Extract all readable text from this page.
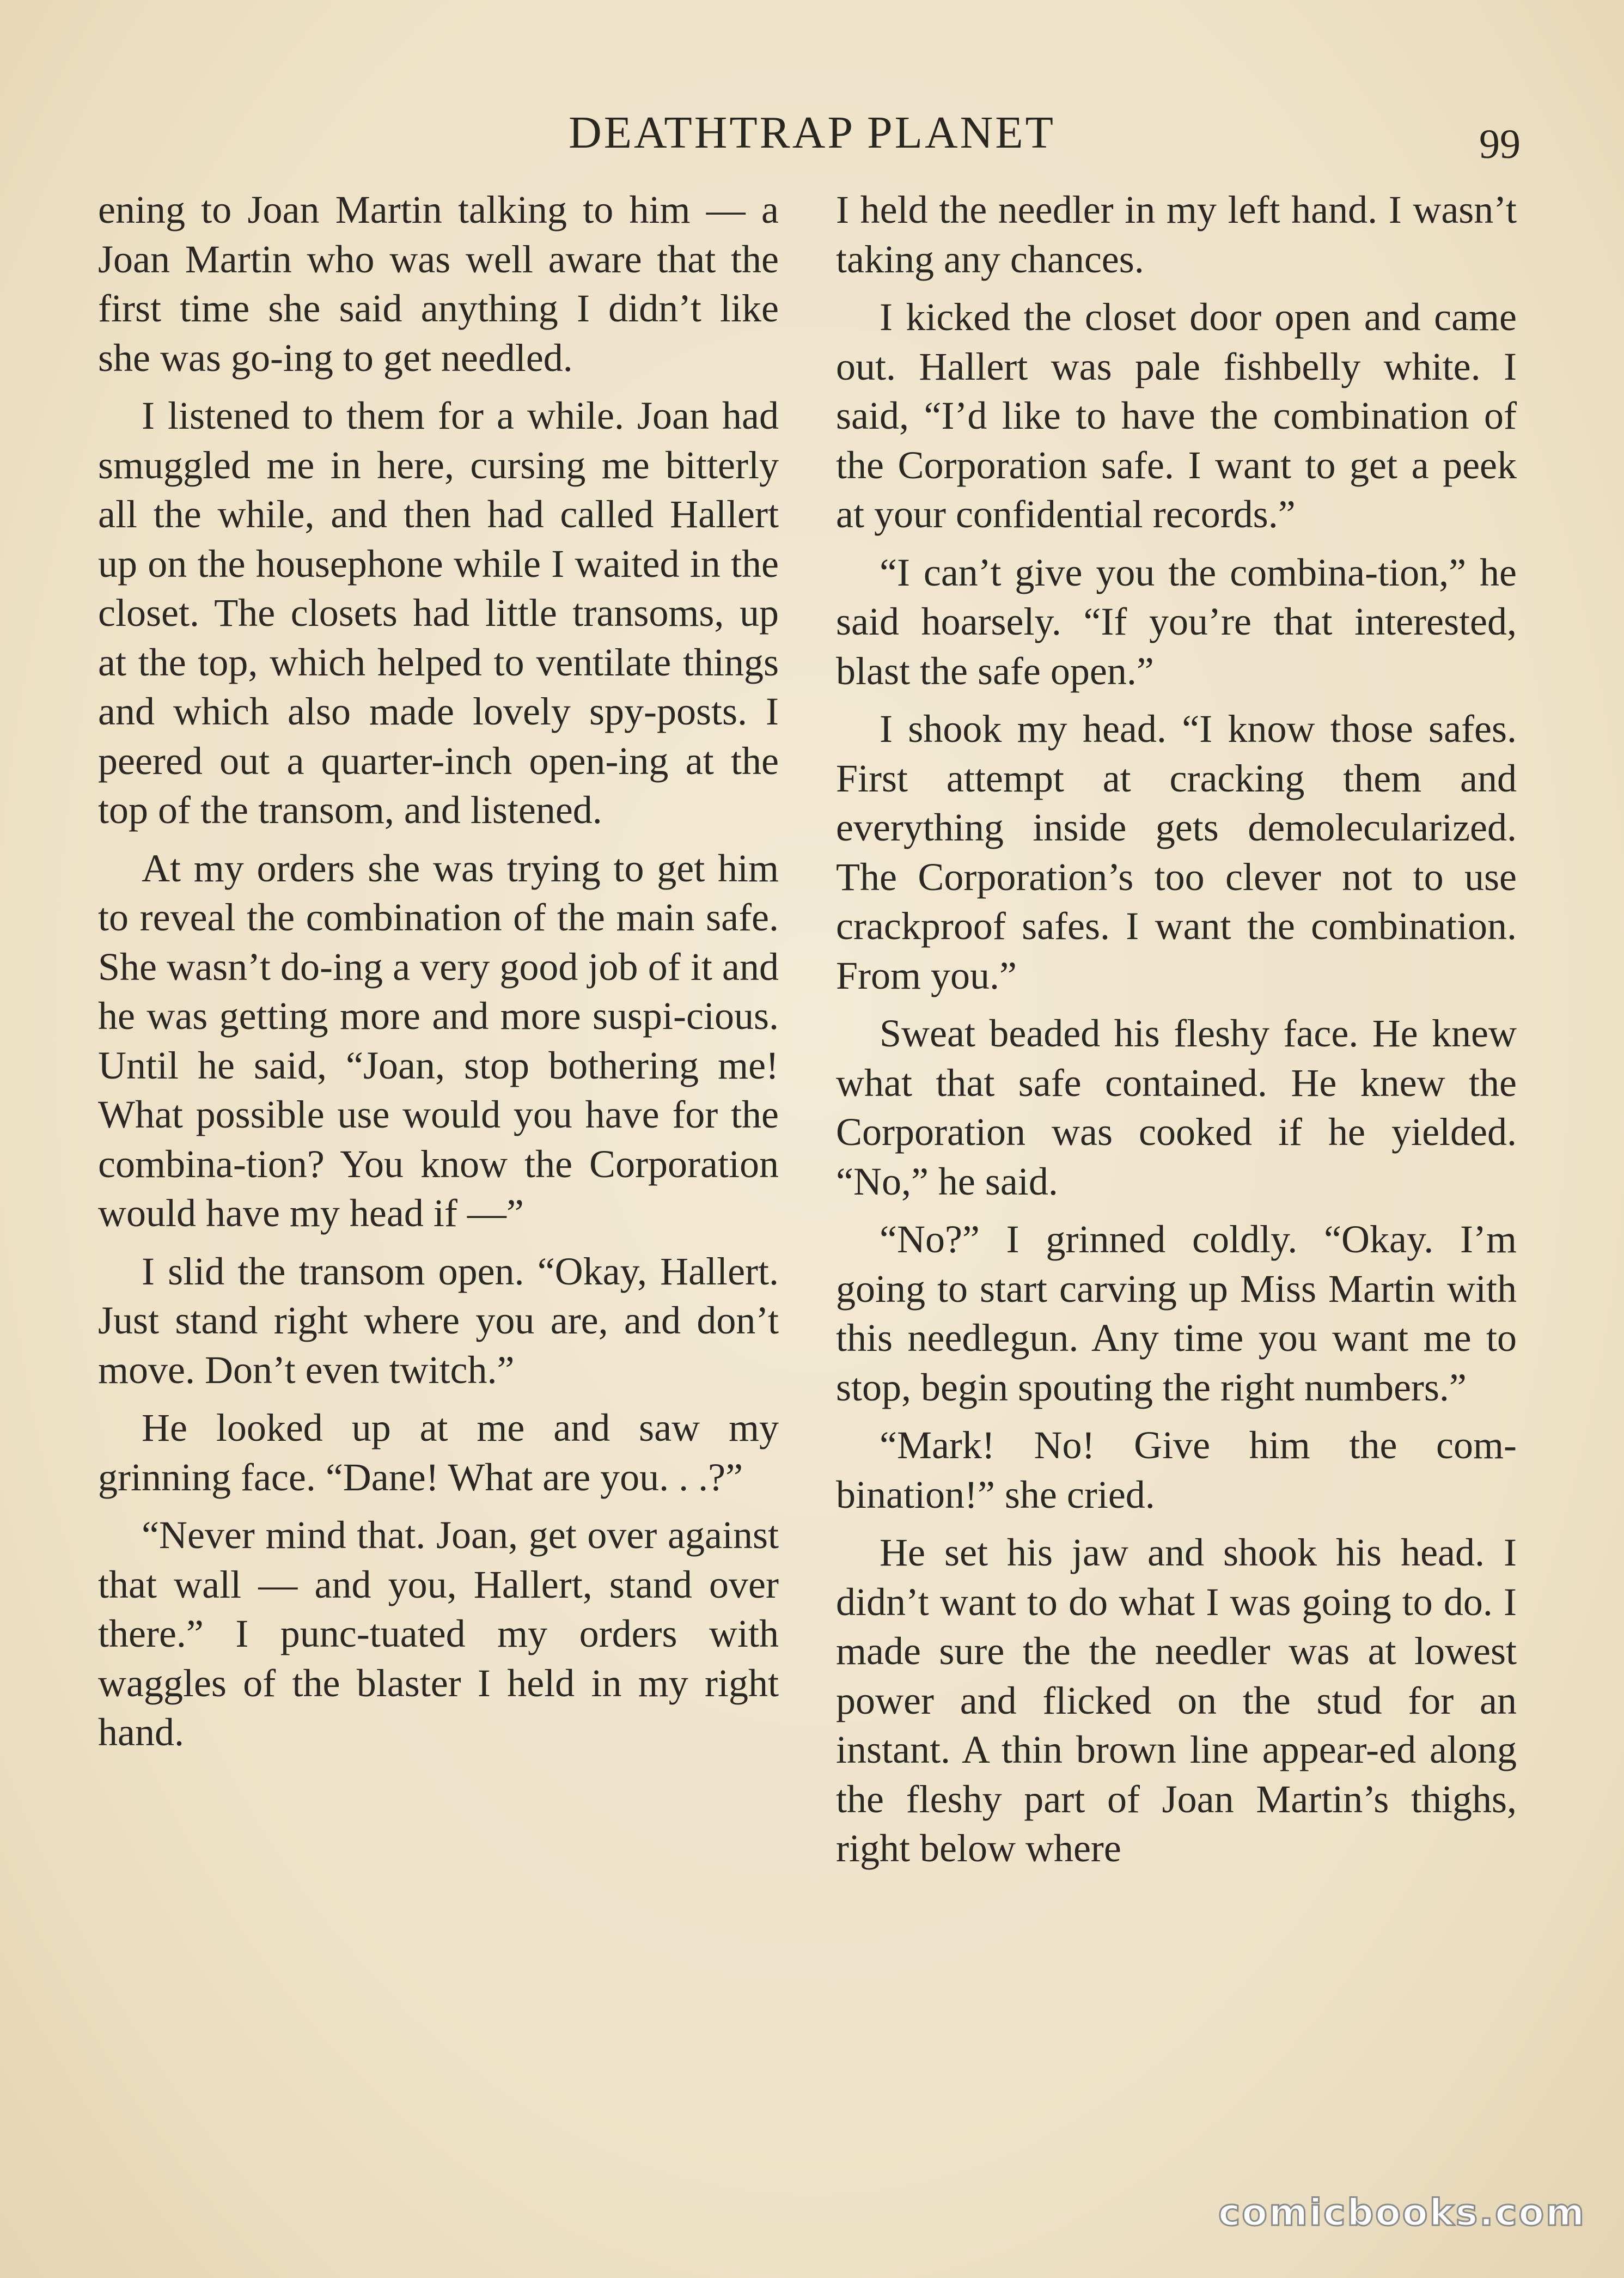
DEATHTRAP PLANET	99

ening to Joan Martin talking to him — a Joan Martin who was well aware that the first time she said anything I didn’t like she was go-ing to get needled.

I listened to them for a while. Joan had smuggled me in here, cursing me bitterly all the while, and then had called Hallert up on the housephone while I waited in the closet. The closets had little transoms, up at the top, which helped to ventilate things and which also made lovely spy-posts. I peered out a quarter-inch open-ing at the top of the transom, and listened.

At my orders she was trying to get him to reveal the combination of the main safe. She wasn’t do-ing a very good job of it and he was getting more and more suspi-cious. Until he said, “Joan, stop bothering me! What possible use would you have for the combina-tion? You know the Corporation would have my head if —”

I slid the transom open. “Okay, Hallert. Just stand right where you are, and don’t move. Don’t even twitch.”

He looked up at me and saw my grinning face. “Dane! What are you. . .?”

“Never mind that. Joan, get over against that wall — and you, Hallert, stand over there.” I punc-tuated my orders with waggles of the blaster I held in my right hand.

I held the needler in my left hand. I wasn’t taking any chances.

I kicked the closet door open and came out. Hallert was pale fishbelly white. I said, “I’d like to have the combination of the Corporation safe. I want to get a peek at your confidential records.”

“I can’t give you the combina-tion,” he said hoarsely. “If you’re that interested, blast the safe open.”

I shook my head. “I know those safes. First attempt at cracking them and everything inside gets demolecularized. The Corporation’s too clever not to use crackproof safes. I want the combination. From you.”

Sweat beaded his fleshy face. He knew what that safe contained. He knew the Corporation was cooked if he yielded. “No,” he said.

“No?” I grinned coldly. “Okay. I’m going to start carving up Miss Martin with this needlegun. Any time you want me to stop, begin spouting the right numbers.”

“Mark! No! Give him the com-bination!” she cried.

He set his jaw and shook his head. I didn’t want to do what I was going to do. I made sure the the needler was at lowest power and flicked on the stud for an instant. A thin brown line appear-ed along the fleshy part of Joan Martin’s thighs, right below where

comicbooks.com
